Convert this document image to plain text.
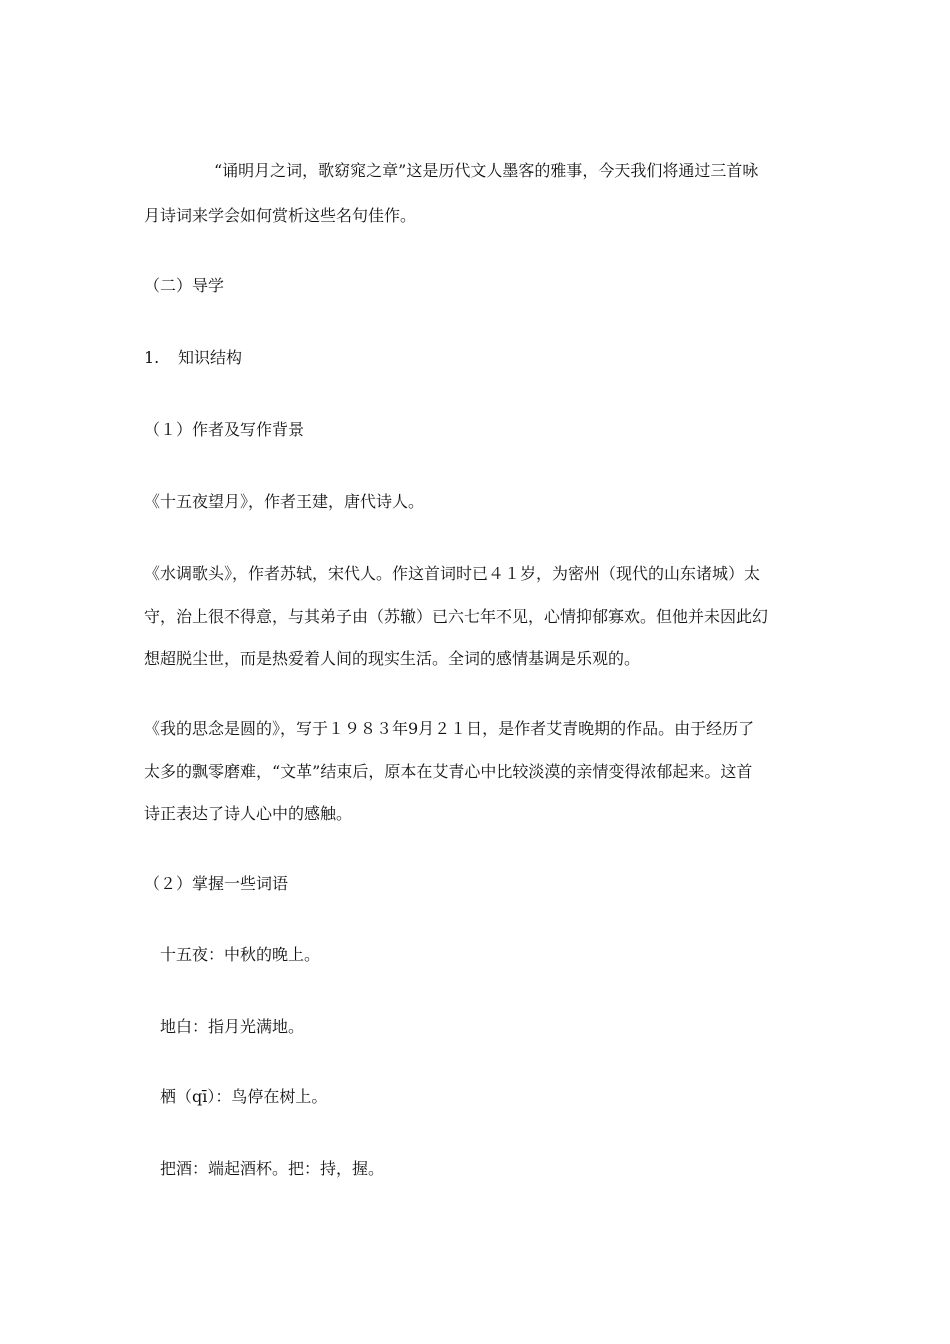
“诵明月之词，歌窈窕之章”这是历代文人墨客的雅事，今天我们将通过三首咏
月诗词来学会如何赏析这些名句佳作。
（二）导学
1. 知识结构
（１）作者及写作背景
《十五夜望月》，作者王建，唐代诗人。
《水调歌头》，作者苏轼，宋代人。作这首词时已４１岁，为密州（现代的山东诸城）太
守，治上很不得意，与其弟子由（苏辙）已六七年不见，心情抑郁寡欢。但他并未因此幻
想超脱尘世，而是热爱着人间的现实生活。全词的感情基调是乐观的。
《我的思念是圆的》，写于１９８３年9月２１日，是作者艾青晚期的作品。由于经历了
太多的飘零磨难，“文革”结束后，原本在艾青心中比较淡漠的亲情变得浓郁起来。这首
诗正表达了诗人心中的感触。
（２）掌握一些词语
十五夜：中秋的晚上。
地白：指月光满地。
栖（qī）：鸟停在树上。
把酒：端起酒杯。把：持，握。
